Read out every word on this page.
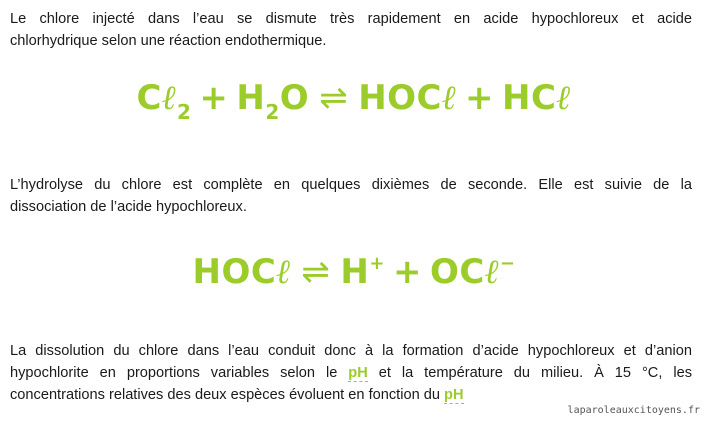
Le chlore injecté dans l’eau se dismute très rapidement en acide hypochloreux et acide
chlorhydrique selon une réaction endothermique.
Cℓ$_2$ + $H_2O$ ⇌ HOCℓ + HCℓ
L’hydrolyse du chlore est complète en quelques dixièmes de seconde. Elle est suivie de la
dissociation de l’acide hypochloreux.
HOCℓ ⇌ H+ + OCℓ−
La dissolution du chlore dans l’eau conduit donc à la formation d’acide hypochloreux et d’anion
hypochlorite en proportions variables selon le pH et la température du milieu. À 15 °C, les
concentrations relatives des deux espèces évoluent en fonction du pH
laparoleauxcitoyens.fr
